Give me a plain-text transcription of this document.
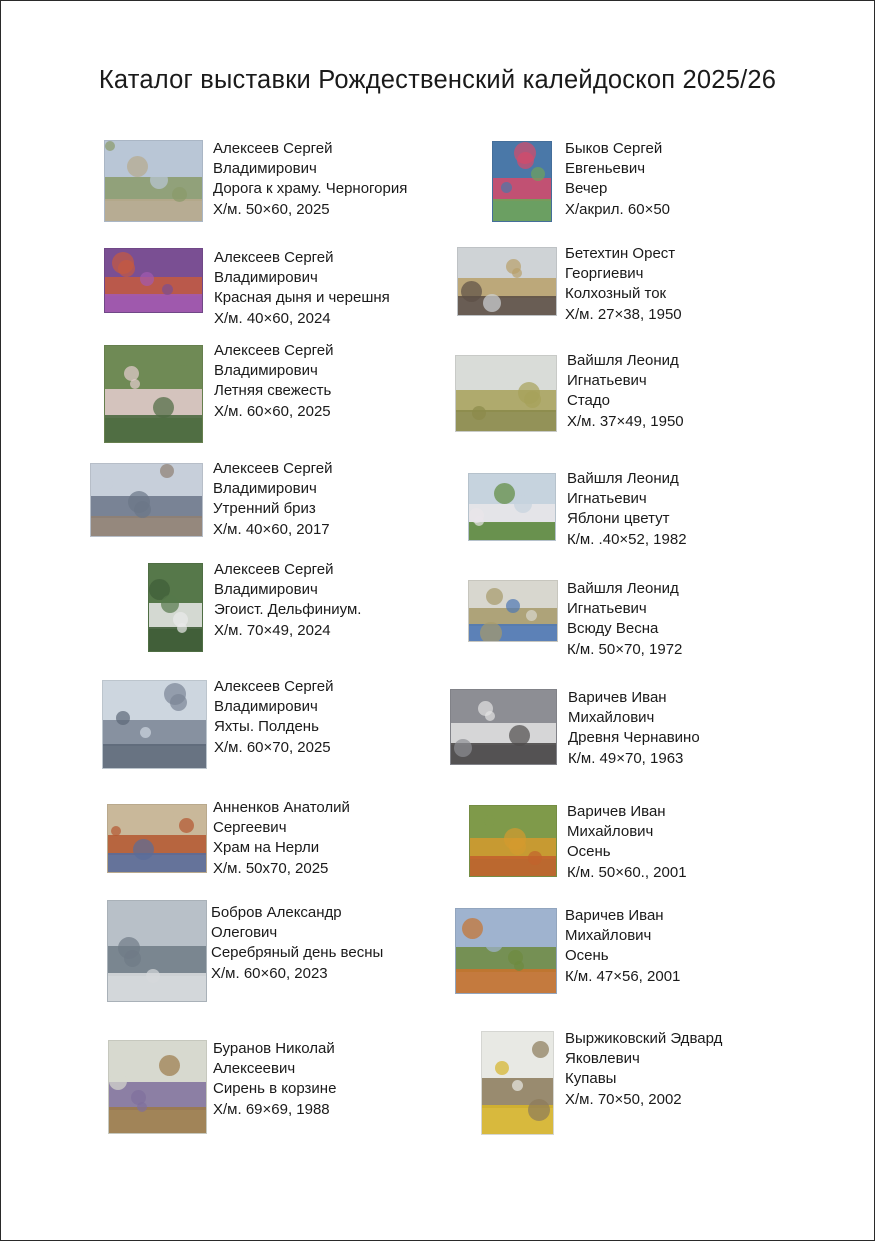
Каталог выставки Рождественский калейдоскоп 2025/26
Алексеев Сергей
Владимирович
Дорога к храму. Черногория
Х/м. 50×60, 2025
Алексеев Сергей
Владимирович
Красная дыня и черешня
Х/м. 40×60, 2024
Алексеев Сергей
Владимирович
Летняя свежесть
Х/м. 60×60, 2025
Алексеев Сергей
Владимирович
Утренний бриз
Х/м. 40×60, 2017
Алексеев Сергей
Владимирович
Эгоист. Дельфиниум.
Х/м. 70×49, 2024
Алексеев Сергей
Владимирович
Яхты. Полдень
Х/м. 60×70, 2025
Анненков Анатолий
Сергеевич
Храм на Нерли
Х/м. 50x70, 2025
Бобров Александр
Олегович
Серебряный день весны
Х/м. 60×60, 2023
Буранов Николай
Алексеевич
Сирень в корзине
Х/м. 69×69, 1988
Быков Сергей
Евгеньевич
Вечер
Х/акрил. 60×50
Бетехтин Орест
Георгиевич
Колхозный ток
Х/м. 27×38, 1950
Вайшля Леонид
Игнатьевич
Стадо
Х/м. 37×49, 1950
Вайшля Леонид
Игнатьевич
Яблони цветут
К/м. .40×52, 1982
Вайшля Леонид
Игнатьевич
Всюду Весна
К/м. 50×70, 1972
Варичев Иван
Михайлович
Древня Чернавино
К/м. 49×70, 1963
Варичев Иван
Михайлович
Осень
К/м. 50×60., 2001
Варичев Иван
Михайлович
Осень
К/м. 47×56, 2001
Выржиковский Эдвард
Яковлевич
Купавы
Х/м. 70×50, 2002
